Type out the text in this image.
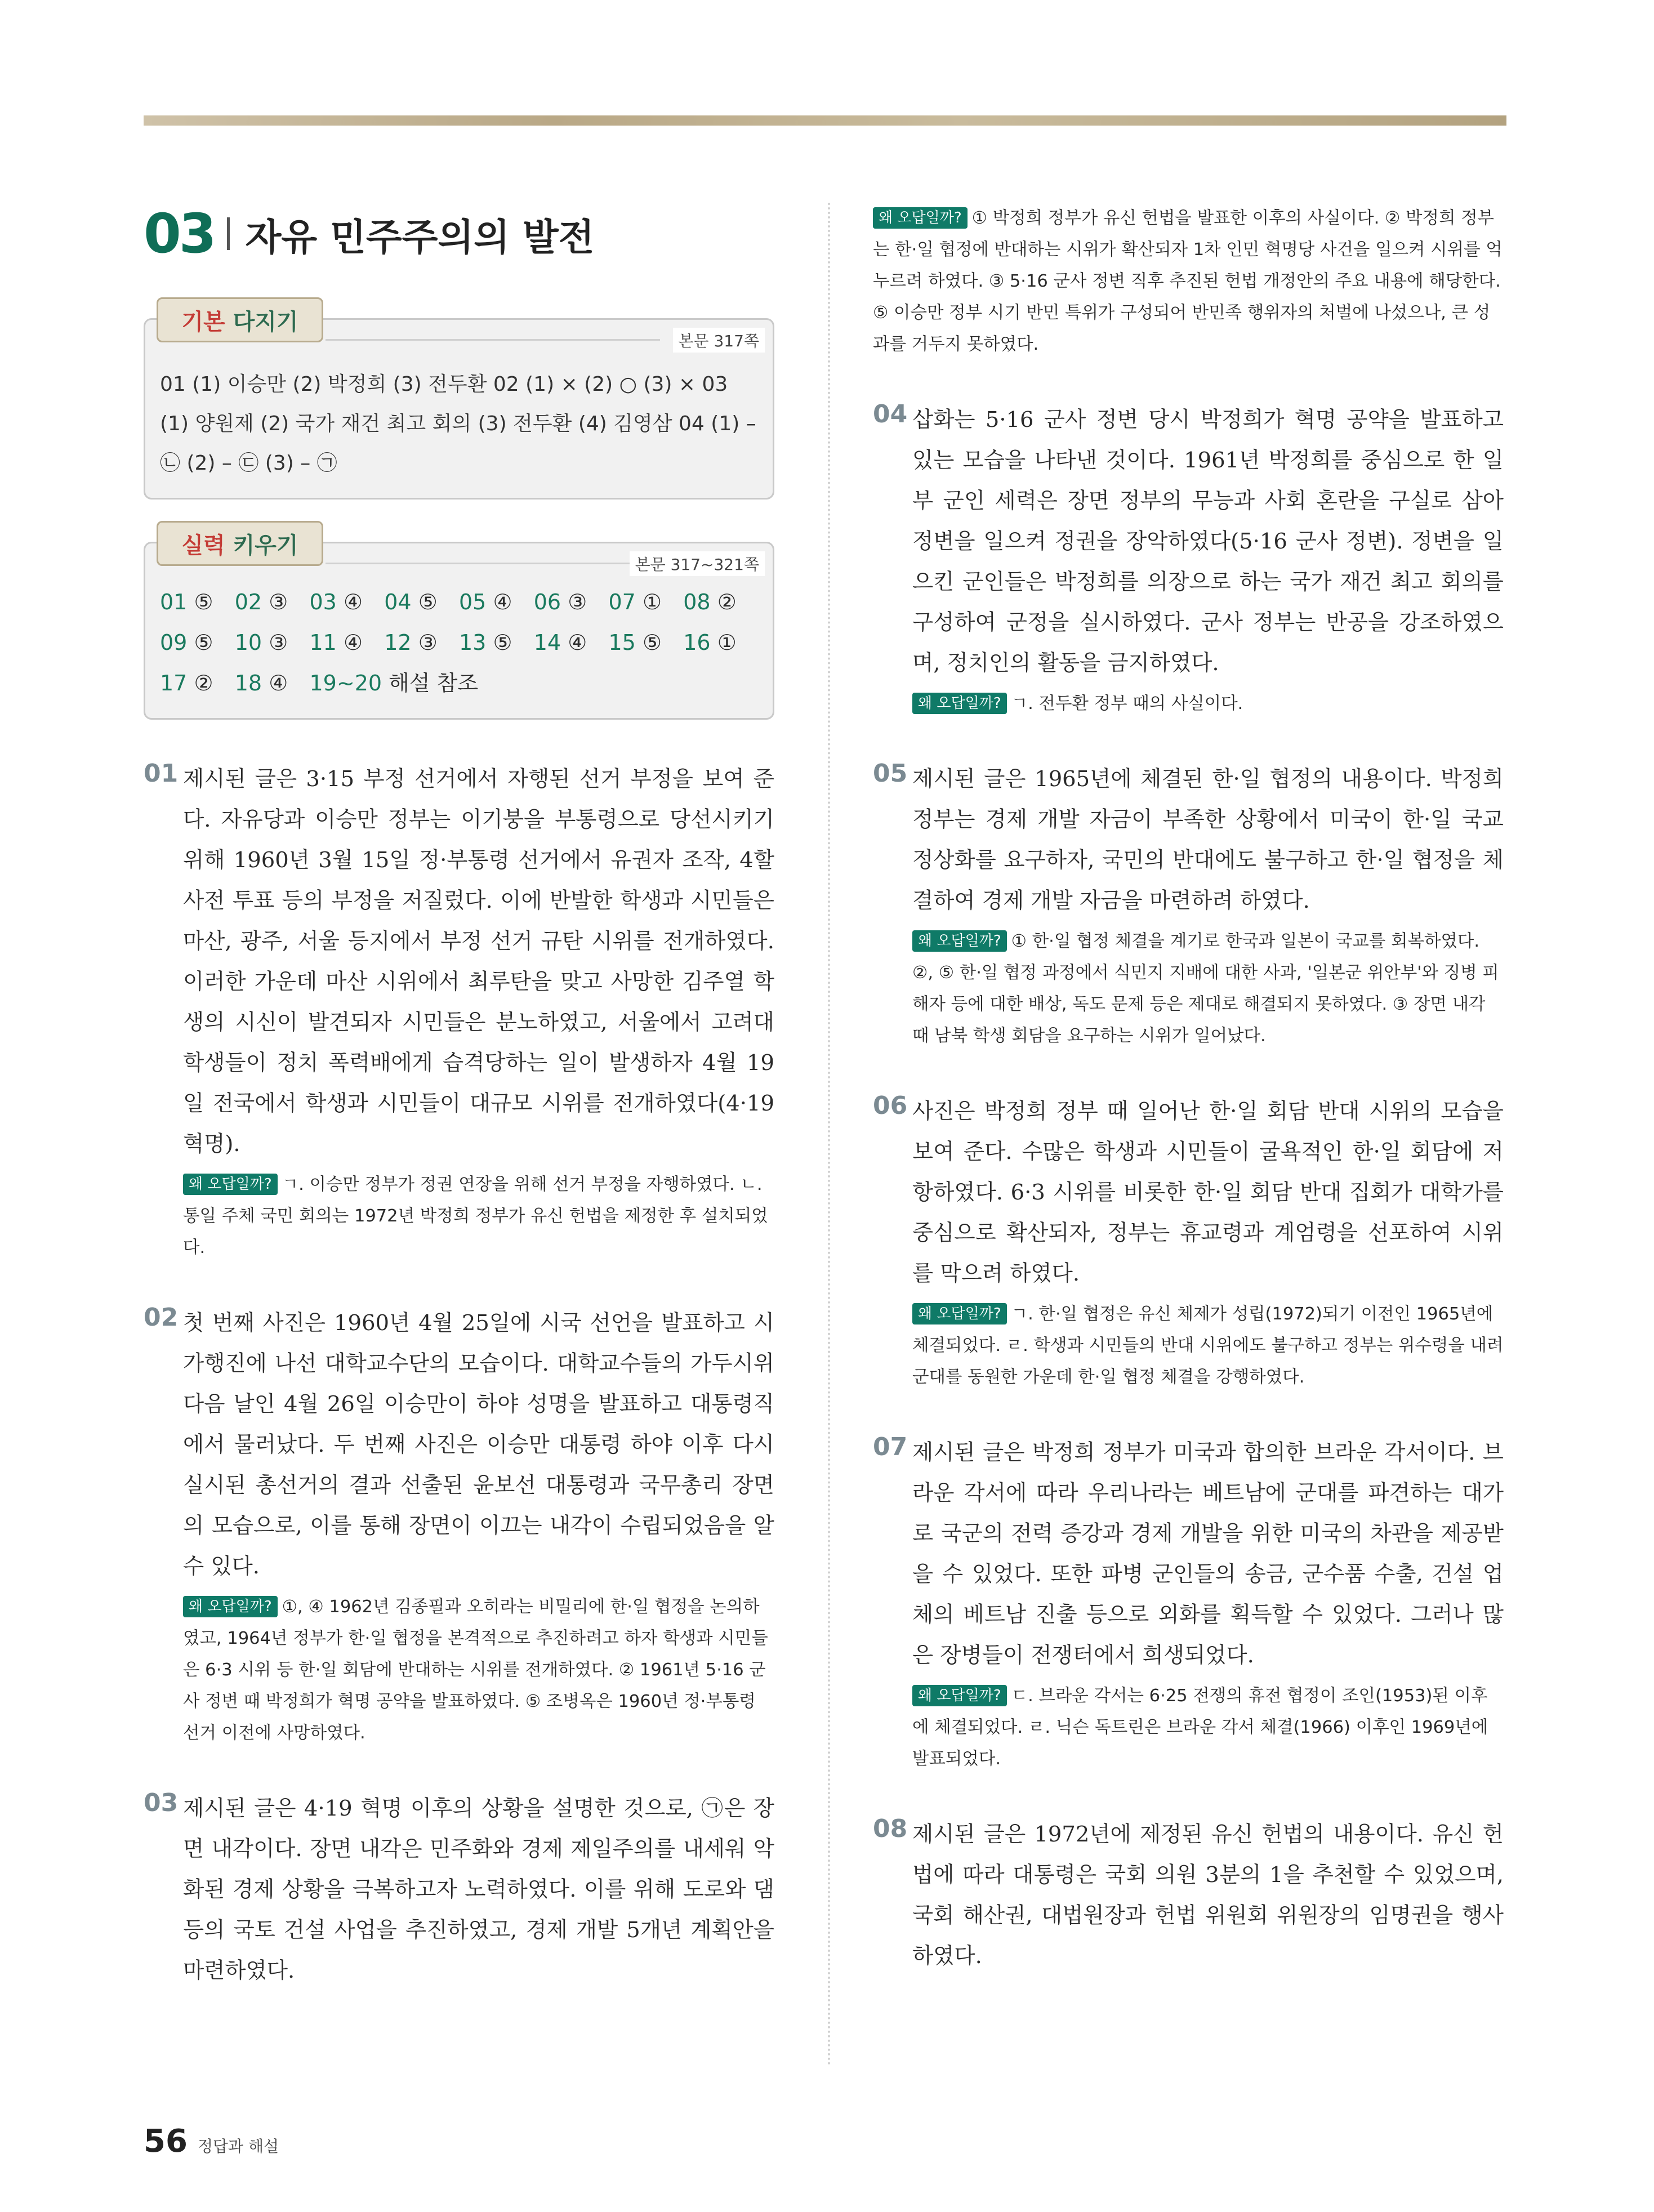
03 자유 민주주의의 발전
기본
다지기
본문 317쪽
01 (1) 이승만 (2) 박정희 (3) 전두환 02 (1) × (2) ○ (3) × 03
(1) 양원제 (2) 국가 재건 최고 회의 (3) 전두환 (4) 김영삼 04 (1) –
㉡ (2) – ㉢ (3) – ㉠
실력
키우기
본문 317~321쪽
01 ⑤	02 ③	03 ④	04 ⑤	05 ④	06 ③	07 ①	08 ②
09 ⑤	10 ③	11 ④	12 ③	13 ⑤	14 ④	15 ⑤	16 ①
17 ②	18 ④	19~20 해설 참조
01 제시된 글은 3·15 부정 선거에서 자행된 선거 부정을 보여 준다. 자유당과 이승만 정부는 이기붕을 부통령으로 당선시키기 위해 1960년 3월 15일 정·부통령 선거에서 유권자 조작, 4할 사전 투표 등의 부정을 저질렀다. 이에 반발한 학생과 시민들은 마산, 광주, 서울 등지에서 부정 선거 규탄 시위를 전개하였다. 이러한 가운데 마산 시위에서 최루탄을 맞고 사망한 김주열 학생의 시신이 발견되자 시민들은 분노하였고, 서울에서 고려대 학생들이 정치 폭력배에게 습격당하는 일이 발생하자 4월 19일 전국에서 학생과 시민들이 대규모 시위를 전개하였다(4·19 혁명).
왜 오답일까? ㄱ. 이승만 정부가 정권 연장을 위해 선거 부정을 자행하였다. ㄴ. 통일 주체 국민 회의는 1972년 박정희 정부가 유신 헌법을 제정한 후 설치되었다.
02 첫 번째 사진은 1960년 4월 25일에 시국 선언을 발표하고 시가행진에 나선 대학교수단의 모습이다. 대학교수들의 가두시위 다음 날인 4월 26일 이승만이 하야 성명을 발표하고 대통령직에서 물러났다. 두 번째 사진은 이승만 대통령 하야 이후 다시 실시된 총선거의 결과 선출된 윤보선 대통령과 국무총리 장면의 모습으로, 이를 통해 장면이 이끄는 내각이 수립되었음을 알 수 있다.
왜 오답일까? ①, ④ 1962년 김종필과 오히라는 비밀리에 한·일 협정을 논의하였고, 1964년 정부가 한·일 협정을 본격적으로 추진하려고 하자 학생과 시민들은 6·3 시위 등 한·일 회담에 반대하는 시위를 전개하였다. ② 1961년 5·16 군사 정변 때 박정희가 혁명 공약을 발표하였다. ⑤ 조병옥은 1960년 정·부통령 선거 이전에 사망하였다.
03 제시된 글은 4·19 혁명 이후의 상황을 설명한 것으로, ㉠은 장면 내각이다. 장면 내각은 민주화와 경제 제일주의를 내세워 악화된 경제 상황을 극복하고자 노력하였다. 이를 위해 도로와 댐 등의 국토 건설 사업을 추진하였고, 경제 개발 5개년 계획안을 마련하였다.
왜 오답일까? ① 박정희 정부가 유신 헌법을 발표한 이후의 사실이다. ② 박정희 정부는 한·일 협정에 반대하는 시위가 확산되자 1차 인민 혁명당 사건을 일으켜 시위를 억누르려 하였다. ③ 5·16 군사 정변 직후 추진된 헌법 개정안의 주요 내용에 해당한다. ⑤ 이승만 정부 시기 반민 특위가 구성되어 반민족 행위자의 처벌에 나섰으나, 큰 성과를 거두지 못하였다.
04 삽화는 5·16 군사 정변 당시 박정희가 혁명 공약을 발표하고 있는 모습을 나타낸 것이다. 1961년 박정희를 중심으로 한 일부 군인 세력은 장면 정부의 무능과 사회 혼란을 구실로 삼아 정변을 일으켜 정권을 장악하였다(5·16 군사 정변). 정변을 일으킨 군인들은 박정희를 의장으로 하는 국가 재건 최고 회의를 구성하여 군정을 실시하였다. 군사 정부는 반공을 강조하였으며, 정치인의 활동을 금지하였다.
왜 오답일까? ㄱ. 전두환 정부 때의 사실이다.
05 제시된 글은 1965년에 체결된 한·일 협정의 내용이다. 박정희 정부는 경제 개발 자금이 부족한 상황에서 미국이 한·일 국교 정상화를 요구하자, 국민의 반대에도 불구하고 한·일 협정을 체결하여 경제 개발 자금을 마련하려 하였다.
왜 오답일까? ① 한·일 협정 체결을 계기로 한국과 일본이 국교를 회복하였다. ②, ⑤ 한·일 협정 과정에서 식민지 지배에 대한 사과, '일본군 위안부'와 징병 피해자 등에 대한 배상, 독도 문제 등은 제대로 해결되지 못하였다. ③ 장면 내각 때 남북 학생 회담을 요구하는 시위가 일어났다.
06 사진은 박정희 정부 때 일어난 한·일 회담 반대 시위의 모습을 보여 준다. 수많은 학생과 시민들이 굴욕적인 한·일 회담에 저항하였다. 6·3 시위를 비롯한 한·일 회담 반대 집회가 대학가를 중심으로 확산되자, 정부는 휴교령과 계엄령을 선포하여 시위를 막으려 하였다.
왜 오답일까? ㄱ. 한·일 협정은 유신 체제가 성립(1972)되기 이전인 1965년에 체결되었다. ㄹ. 학생과 시민들의 반대 시위에도 불구하고 정부는 위수령을 내려 군대를 동원한 가운데 한·일 협정 체결을 강행하였다.
07 제시된 글은 박정희 정부가 미국과 합의한 브라운 각서이다. 브라운 각서에 따라 우리나라는 베트남에 군대를 파견하는 대가로 국군의 전력 증강과 경제 개발을 위한 미국의 차관을 제공받을 수 있었다. 또한 파병 군인들의 송금, 군수품 수출, 건설 업체의 베트남 진출 등으로 외화를 획득할 수 있었다. 그러나 많은 장병들이 전쟁터에서 희생되었다.
왜 오답일까? ㄷ. 브라운 각서는 6·25 전쟁의 휴전 협정이 조인(1953)된 이후에 체결되었다. ㄹ. 닉슨 독트린은 브라운 각서 체결(1966) 이후인 1969년에 발표되었다.
08 제시된 글은 1972년에 제정된 유신 헌법의 내용이다. 유신 헌법에 따라 대통령은 국회 의원 3분의 1을 추천할 수 있었으며, 국회 해산권, 대법원장과 헌법 위원회 위원장의 임명권을 행사하였다.
56 정답과 해설
